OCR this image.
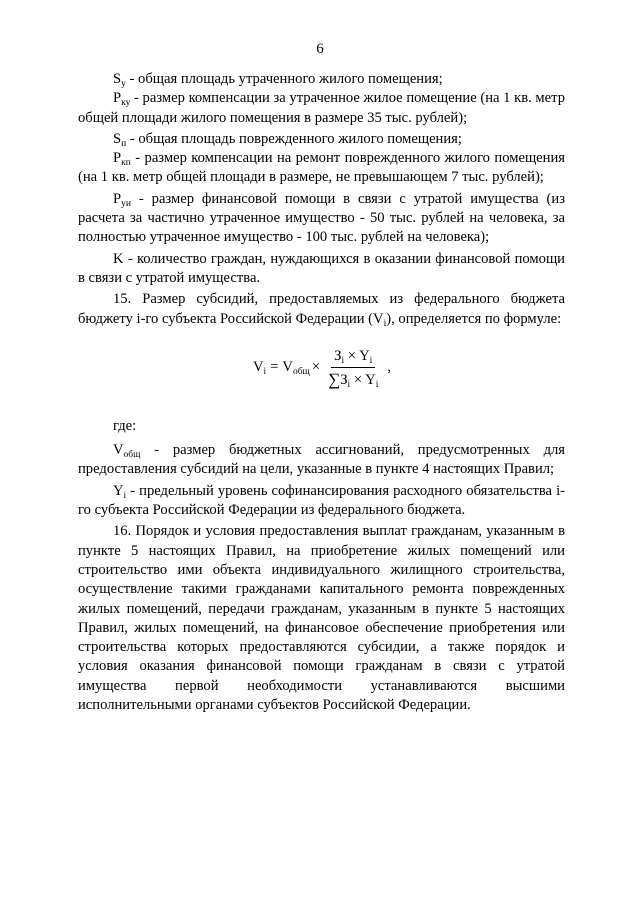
6

$S_у$ - общая площадь утраченного жилого помещения;

$P_{ку}$ - размер компенсации за утраченное жилое помещение (на 1 кв. метр общей площади жилого помещения в размере 35 тыс. рублей);

$S_п$ - общая площадь поврежденного жилого помещения;

$P_{кп}$ - размер компенсации на ремонт поврежденного жилого помещения (на 1 кв. метр общей площади в размере, не превышающем 7 тыс. рублей);

$P_{уи}$ - размер финансовой помощи в связи с утратой имущества (из расчета за частично утраченное имущество - 50 тыс. рублей на человека, за полностью утраченное имущество - 100 тыс. рублей на человека);

K - количество граждан, нуждающихся в оказании финансовой помощи в связи с утратой имущества.

15. Размер субсидий, предоставляемых из федерального бюджета бюджету i-го субъекта Российской Федерации $(V_i)$, определяется по формуле:

$V_i = V_{общ} \times \frac{З_i \times Y_i}{\sum З_i \times Y_i}$ ,

где:

$V_{общ}$ - размер бюджетных ассигнований, предусмотренных для предоставления субсидий на цели, указанные в пункте 4 настоящих Правил;

$Y_i$ - предельный уровень софинансирования расходного обязательства i-го субъекта Российской Федерации из федерального бюджета.

16. Порядок и условия предоставления выплат гражданам, указанным в пункте 5 настоящих Правил, на приобретение жилых помещений или строительство ими объекта индивидуального жилищного строительства, осуществление такими гражданами капитального ремонта поврежденных жилых помещений, передачи гражданам, указанным в пункте 5 настоящих Правил, жилых помещений, на финансовое обеспечение приобретения или строительства которых предоставляются субсидии, а также порядок и условия оказания финансовой помощи гражданам в связи с утратой имущества первой необходимости устанавливаются высшими исполнительными органами субъектов Российской Федерации.
